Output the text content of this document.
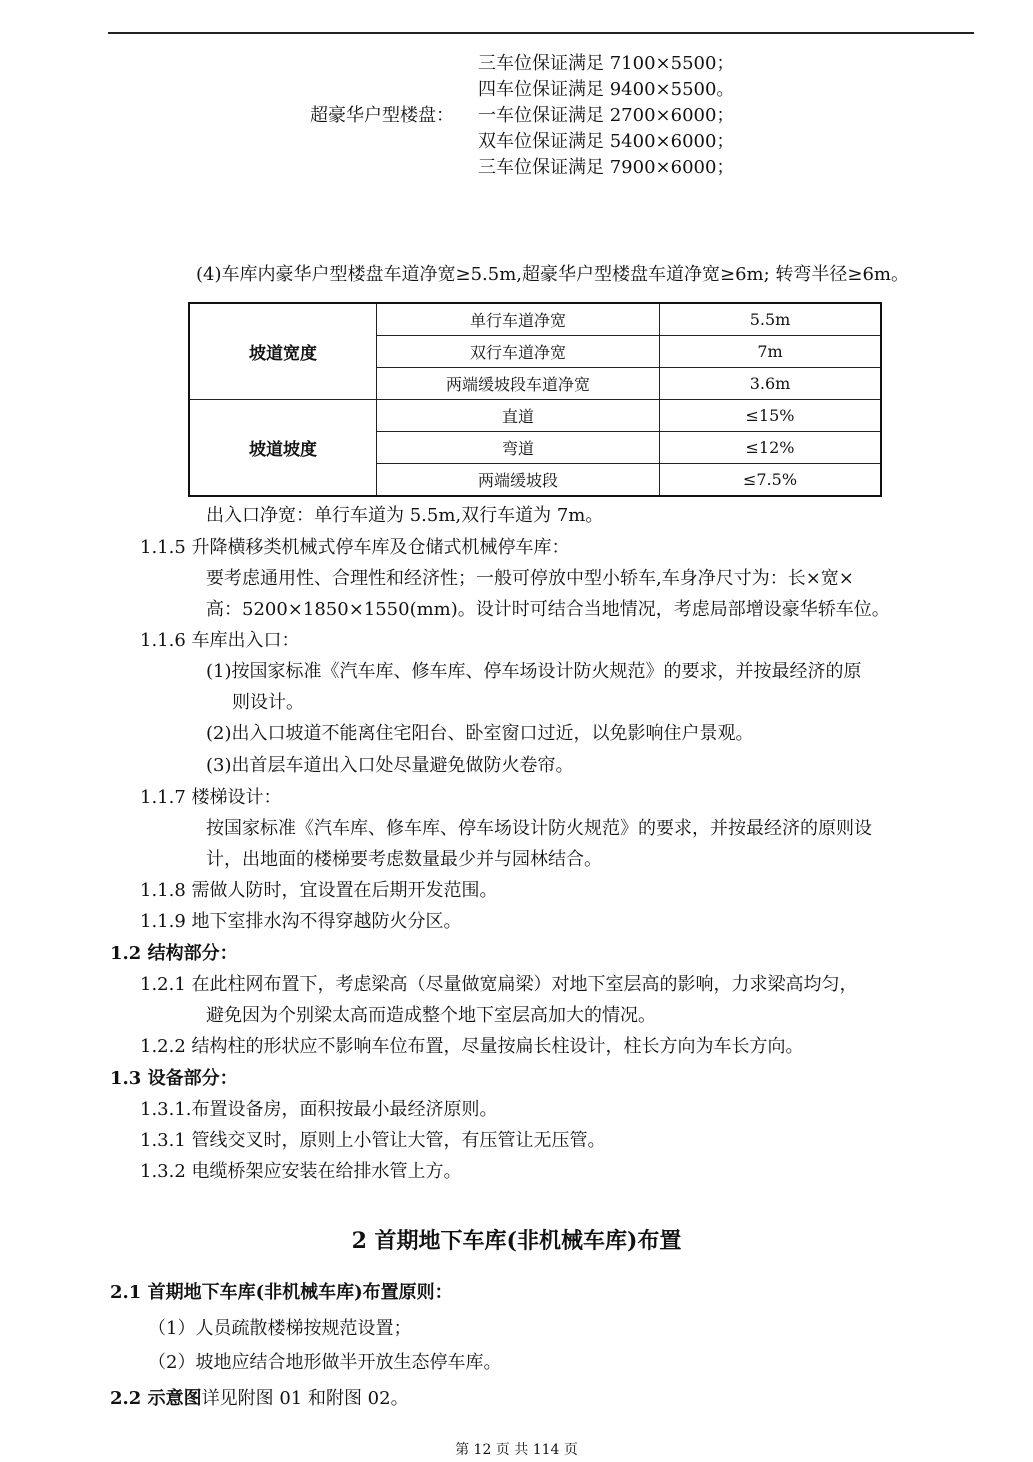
三车位保证满足 7100×5500；
四车位保证满足 9400×5500。
超豪华户型楼盘： 一车位保证满足 2700×6000；
双车位保证满足 5400×6000；
三车位保证满足 7900×6000；
(4)车库内豪华户型楼盘车道净宽≥5.5m,超豪华户型楼盘车道净宽≥6m; 转弯半径≥6m。
坡道宽度	单行车道净宽	5.5m
	双行车道净宽	7m
	两端缓坡段车道净宽	3.6m
坡道坡度	直道	≤15%
	弯道	≤12%
	两端缓坡段	≤7.5%
出入口净宽：单行车道为 5.5m,双行车道为 7m。
1.1.5 升降横移类机械式停车库及仓储式机械停车库：
要考虑通用性、合理性和经济性；一般可停放中型小轿车,车身净尺寸为：长×宽×
高：5200×1850×1550(mm)。设计时可结合当地情况，考虑局部增设豪华轿车位。
1.1.6 车库出入口：
(1)按国家标准《汽车库、修车库、停车场设计防火规范》的要求，并按最经济的原
则设计。
(2)出入口坡道不能离住宅阳台、卧室窗口过近，以免影响住户景观。
(3)出首层车道出入口处尽量避免做防火卷帘。
1.1.7 楼梯设计：
按国家标准《汽车库、修车库、停车场设计防火规范》的要求，并按最经济的原则设
计，出地面的楼梯要考虑数量最少并与园林结合。
1.1.8 需做人防时，宜设置在后期开发范围。
1.1.9 地下室排水沟不得穿越防火分区。
1.2 结构部分：
1.2.1 在此柱网布置下，考虑梁高（尽量做宽扁梁）对地下室层高的影响，力求梁高均匀，
避免因为个别梁太高而造成整个地下室层高加大的情况。
1.2.2 结构柱的形状应不影响车位布置，尽量按扁长柱设计，柱长方向为车长方向。
1.3 设备部分：
1.3.1.布置设备房，面积按最小最经济原则。
1.3.1 管线交叉时，原则上小管让大管，有压管让无压管。
1.3.2 电缆桥架应安装在给排水管上方。
2 首期地下车库(非机械车库)布置
2.1 首期地下车库(非机械车库)布置原则：
（1）人员疏散楼梯按规范设置；
（2）坡地应结合地形做半开放生态停车库。
2.2 示意图详见附图 01 和附图 02。
第 12 页 共 114 页
